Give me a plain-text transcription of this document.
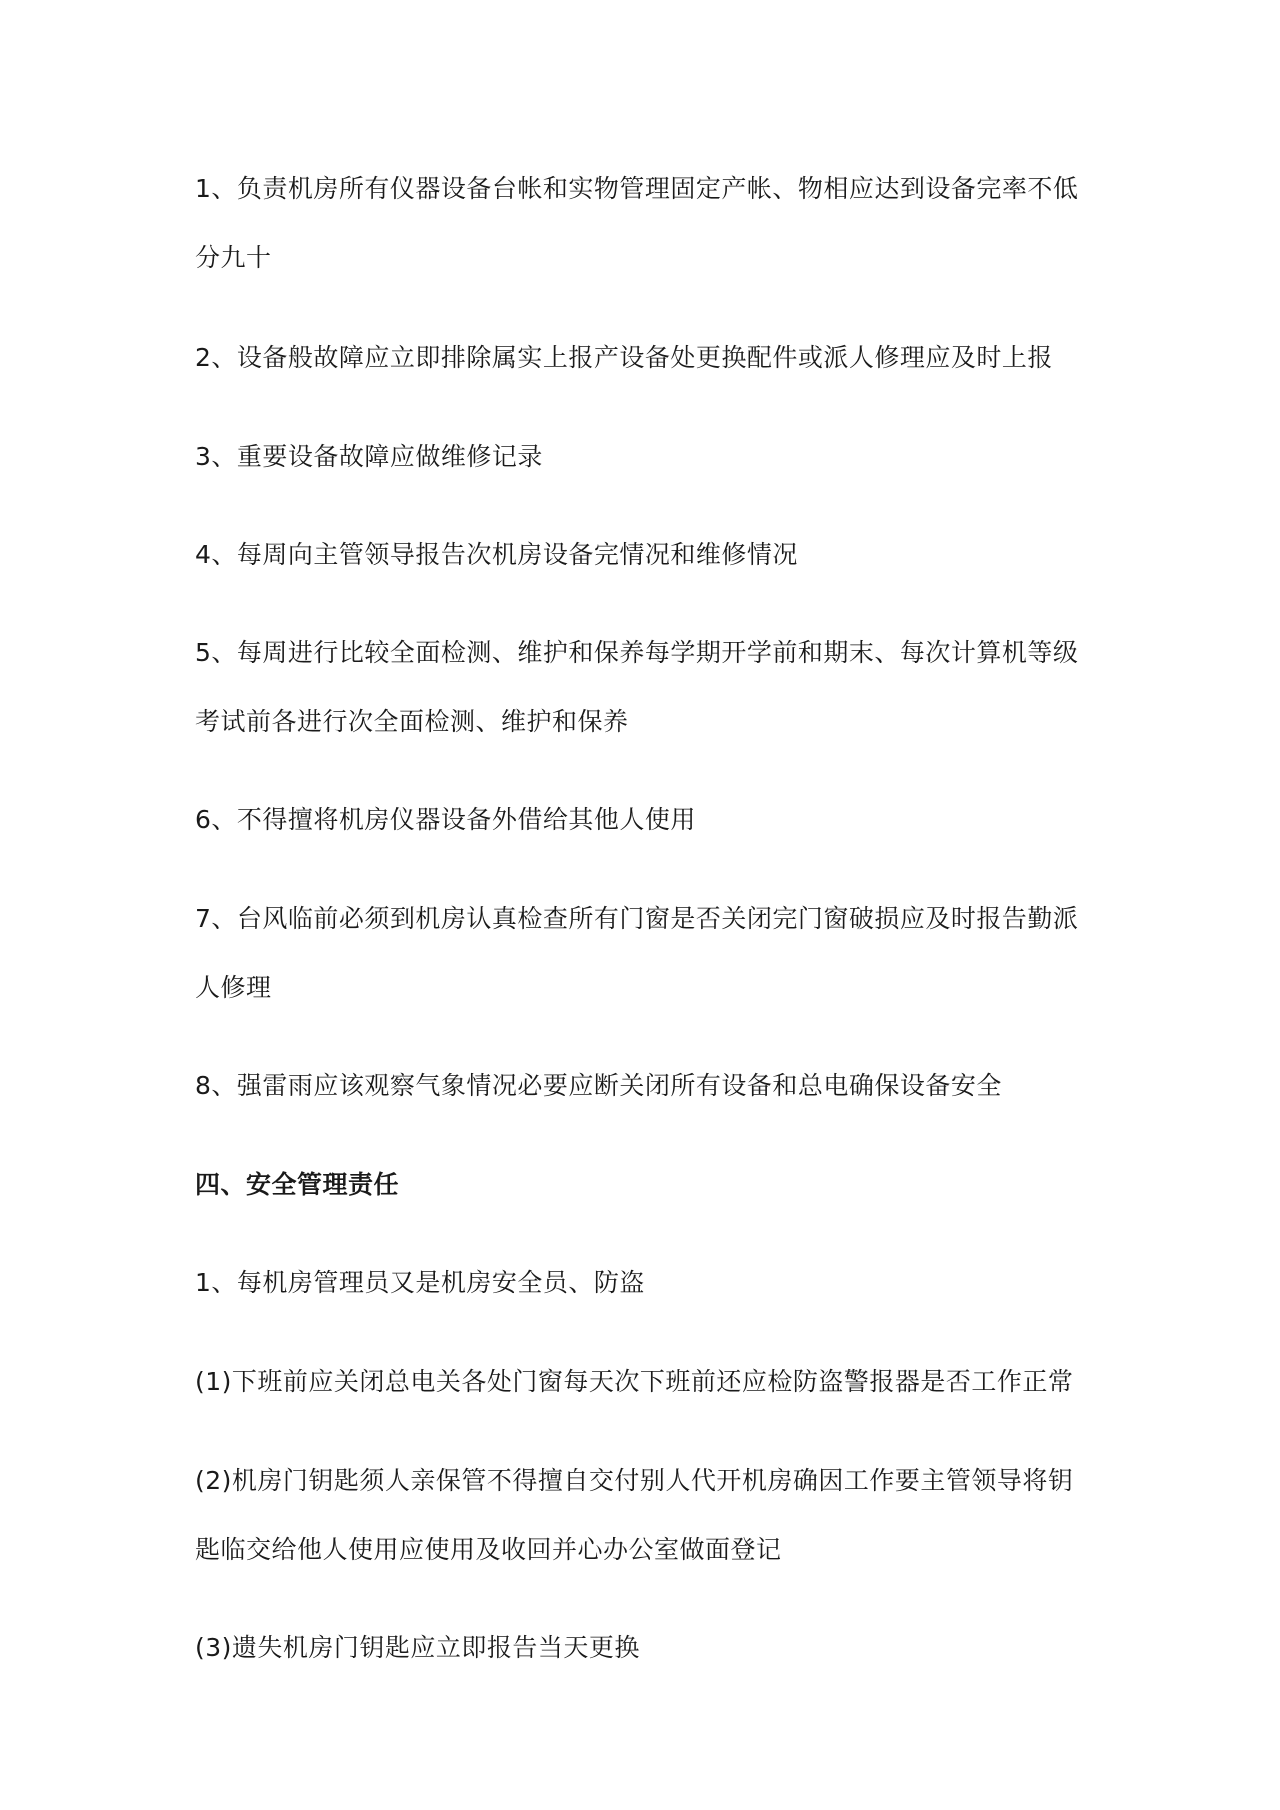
1、负责机房所有仪器设备台帐和实物管理固定产帐、物相应达到设备完率不低
分九十
2、设备般故障应立即排除属实上报产设备处更换配件或派人修理应及时上报
3、重要设备故障应做维修记录
4、每周向主管领导报告次机房设备完情况和维修情况
5、每周进行比较全面检测、维护和保养每学期开学前和期末、每次计算机等级
考试前各进行次全面检测、维护和保养
6、不得擅将机房仪器设备外借给其他人使用
7、台风临前必须到机房认真检查所有门窗是否关闭完门窗破损应及时报告勤派
人修理
8、强雷雨应该观察气象情况必要应断关闭所有设备和总电确保设备安全
四、安全管理责任
1、每机房管理员又是机房安全员、防盗
(1)下班前应关闭总电关各处门窗每天次下班前还应检防盗警报器是否工作正常
(2)机房门钥匙须人亲保管不得擅自交付别人代开机房确因工作要主管领导将钥
匙临交给他人使用应使用及收回并心办公室做面登记
(3)遗失机房门钥匙应立即报告当天更换
